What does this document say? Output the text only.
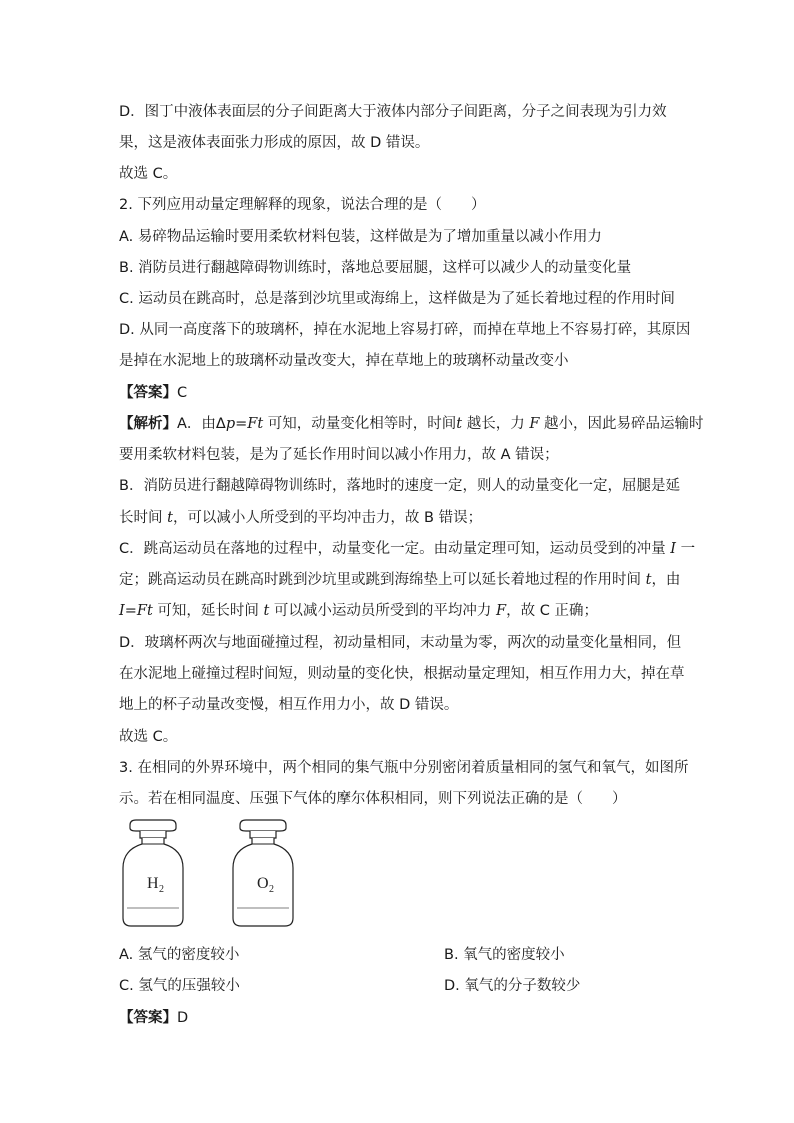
D．图丁中液体表面层的分子间距离大于液体内部分子间距离，分子之间表现为引力效
果，这是液体表面张力形成的原因，故 D 错误。
故选 C。
2. 下列应用动量定理解释的现象，说法合理的是（　　）
A. 易碎物品运输时要用柔软材料包装，这样做是为了增加重量以减小作用力
B. 消防员进行翻越障碍物训练时，落地总要屈腿，这样可以减少人的动量变化量
C. 运动员在跳高时，总是落到沙坑里或海绵上，这样做是为了延长着地过程的作用时间
D. 从同一高度落下的玻璃杯，掉在水泥地上容易打碎，而掉在草地上不容易打碎，其原因
是掉在水泥地上的玻璃杯动量改变大，掉在草地上的玻璃杯动量改变小
【答案】C
【解析】A．由Δp=Ft 可知，动量变化相等时，时间t 越长，力 F 越小，因此易碎品运输时
要用柔软材料包装，是为了延长作用时间以减小作用力，故 A 错误；
B．消防员进行翻越障碍物训练时，落地时的速度一定，则人的动量变化一定，屈腿是延
长时间 t，可以减小人所受到的平均冲击力，故 B 错误；
C．跳高运动员在落地的过程中，动量变化一定。由动量定理可知，运动员受到的冲量 I 一
定；跳高运动员在跳高时跳到沙坑里或跳到海绵垫上可以延长着地过程的作用时间 t，由
I=Ft 可知，延长时间 t 可以减小运动员所受到的平均冲力 F，故 C 正确；
D．玻璃杯两次与地面碰撞过程，初动量相同，末动量为零，两次的动量变化量相同，但
在水泥地上碰撞过程时间短，则动量的变化快，根据动量定理知，相互作用力大，掉在草
地上的杯子动量改变慢，相互作用力小，故 D 错误。
故选 C。
3. 在相同的外界环境中，两个相同的集气瓶中分别密闭着质量相同的氢气和氧气，如图所
示。若在相同温度、压强下气体的摩尔体积相同，则下列说法正确的是（　　）
H 2	O 2
A. 氢气的密度较小	B. 氧气的密度较小
C. 氢气的压强较小	D. 氧气的分子数较少
【答案】D
